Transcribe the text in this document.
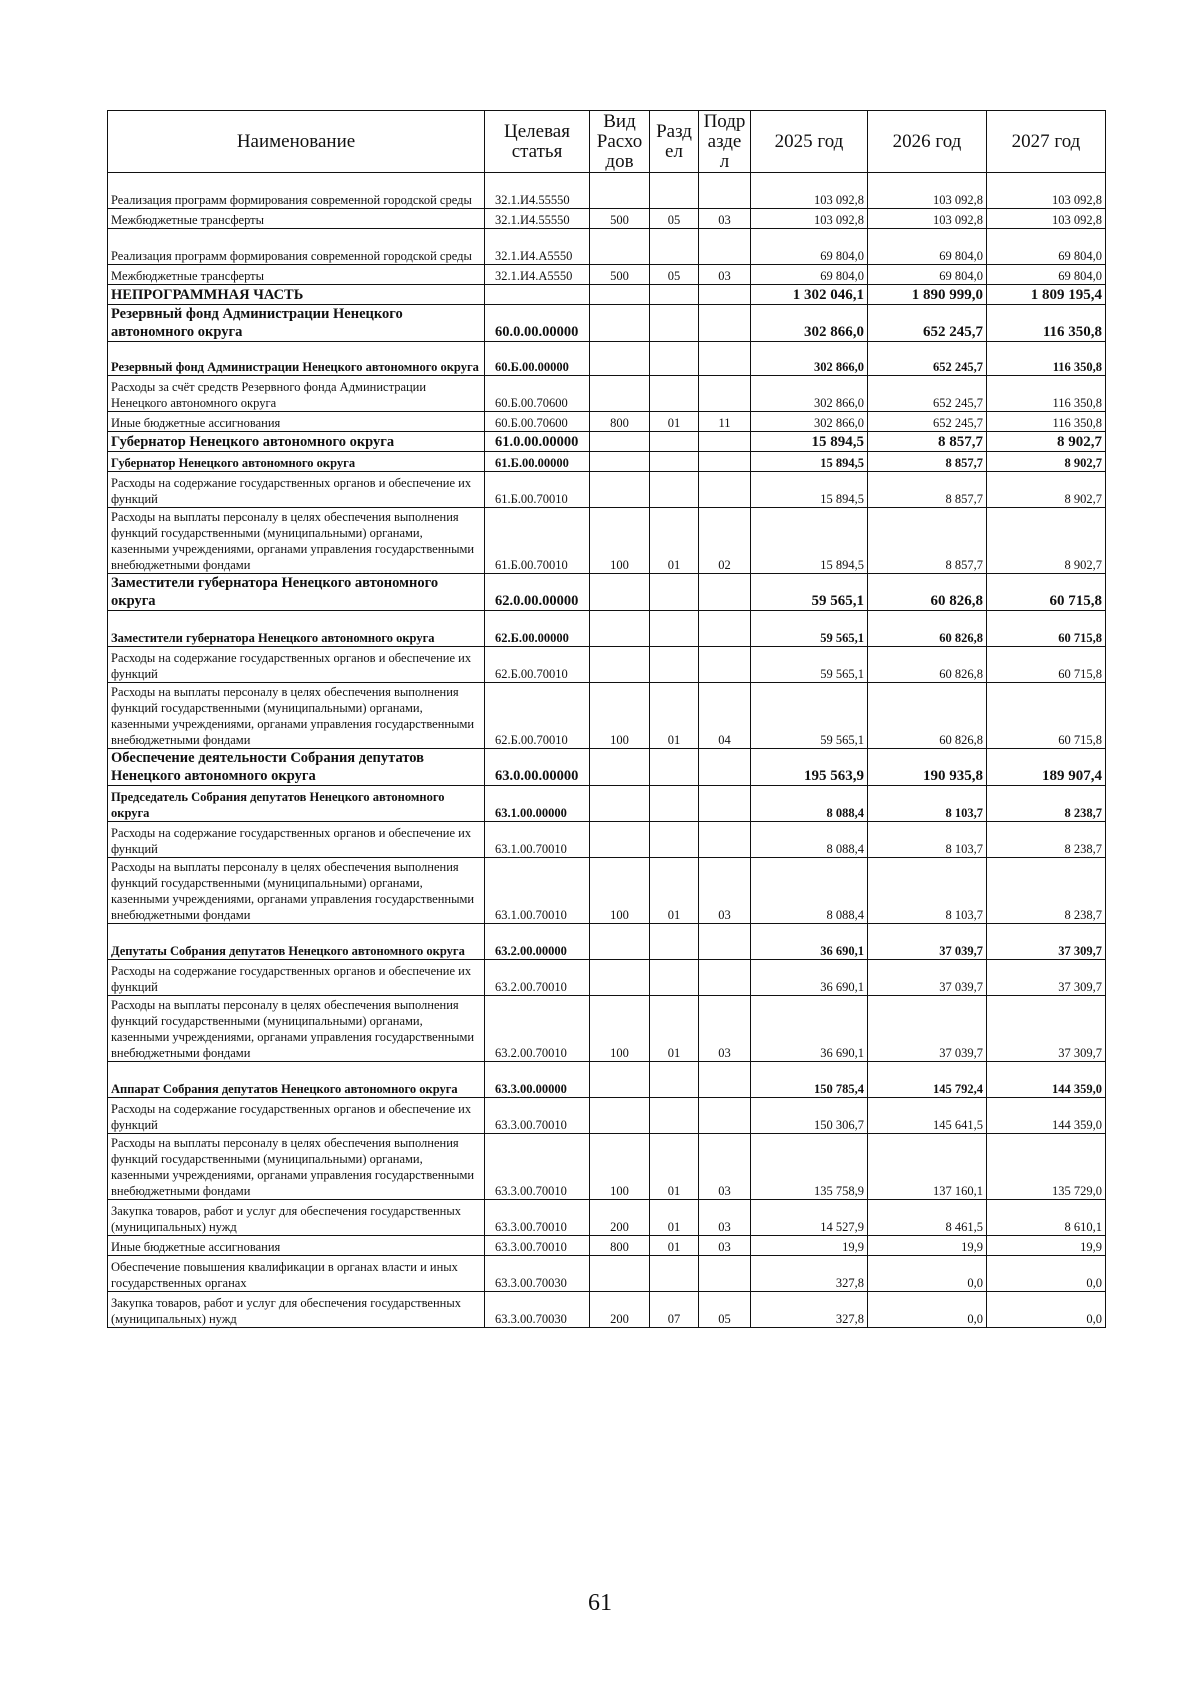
Наименование	Целевая статья	Вид Расхо дов	Разд ел	Подр азде л	2025 год	2026 год	2027 год
Реализация программ формирования современной городской среды	32.1.И4.55550				103 092,8	103 092,8	103 092,8
Межбюджетные трансферты	32.1.И4.55550	500	05	03	103 092,8	103 092,8	103 092,8
Реализация программ формирования современной городской среды	32.1.И4.А5550				69 804,0	69 804,0	69 804,0
Межбюджетные трансферты	32.1.И4.А5550	500	05	03	69 804,0	69 804,0	69 804,0
НЕПРОГРАММНАЯ ЧАСТЬ					1 302 046,1	1 890 999,0	1 809 195,4
Резервный фонд Администрации Ненецкого автономного округа	60.0.00.00000				302 866,0	652 245,7	116 350,8
Резервный фонд Администрации Ненецкого автономного округа	60.Б.00.00000				302 866,0	652 245,7	116 350,8
Расходы за счёт средств Резервного фонда Администрации Ненецкого автономного округа	60.Б.00.70600				302 866,0	652 245,7	116 350,8
Иные бюджетные ассигнования	60.Б.00.70600	800	01	11	302 866,0	652 245,7	116 350,8
Губернатор Ненецкого автономного округа	61.0.00.00000				15 894,5	8 857,7	8 902,7
Губернатор Ненецкого автономного округа	61.Б.00.00000				15 894,5	8 857,7	8 902,7
Расходы на содержание государственных органов и обеспечение их функций	61.Б.00.70010				15 894,5	8 857,7	8 902,7
Расходы на выплаты персоналу в целях обеспечения выполнения функций государственными (муниципальными) органами, казенными учреждениями, органами управления государственными внебюджетными фондами	61.Б.00.70010	100	01	02	15 894,5	8 857,7	8 902,7
Заместители губернатора Ненецкого автономного округа	62.0.00.00000				59 565,1	60 826,8	60 715,8
Заместители губернатора Ненецкого автономного округа	62.Б.00.00000				59 565,1	60 826,8	60 715,8
Расходы на содержание государственных органов и обеспечение их функций	62.Б.00.70010				59 565,1	60 826,8	60 715,8
Расходы на выплаты персоналу в целях обеспечения выполнения функций государственными (муниципальными) органами, казенными учреждениями, органами управления государственными внебюджетными фондами	62.Б.00.70010	100	01	04	59 565,1	60 826,8	60 715,8
Обеспечение деятельности Собрания депутатов Ненецкого автономного округа	63.0.00.00000				195 563,9	190 935,8	189 907,4
Председатель Собрания депутатов Ненецкого автономного округа	63.1.00.00000				8 088,4	8 103,7	8 238,7
Расходы на содержание государственных органов и обеспечение их функций	63.1.00.70010				8 088,4	8 103,7	8 238,7
Расходы на выплаты персоналу в целях обеспечения выполнения функций государственными (муниципальными) органами, казенными учреждениями, органами управления государственными внебюджетными фондами	63.1.00.70010	100	01	03	8 088,4	8 103,7	8 238,7
Депутаты Собрания депутатов Ненецкого автономного округа	63.2.00.00000				36 690,1	37 039,7	37 309,7
Расходы на содержание государственных органов и обеспечение их функций	63.2.00.70010				36 690,1	37 039,7	37 309,7
Расходы на выплаты персоналу в целях обеспечения выполнения функций государственными (муниципальными) органами, казенными учреждениями, органами управления государственными внебюджетными фондами	63.2.00.70010	100	01	03	36 690,1	37 039,7	37 309,7
Аппарат Собрания депутатов Ненецкого автономного округа	63.3.00.00000				150 785,4	145 792,4	144 359,0
Расходы на содержание государственных органов и обеспечение их функций	63.3.00.70010				150 306,7	145 641,5	144 359,0
Расходы на выплаты персоналу в целях обеспечения выполнения функций государственными (муниципальными) органами, казенными учреждениями, органами управления государственными внебюджетными фондами	63.3.00.70010	100	01	03	135 758,9	137 160,1	135 729,0
Закупка товаров, работ и услуг для обеспечения государственных (муниципальных) нужд	63.3.00.70010	200	01	03	14 527,9	8 461,5	8 610,1
Иные бюджетные ассигнования	63.3.00.70010	800	01	03	19,9	19,9	19,9
Обеспечение повышения квалификации в органах власти и иных государственных органах	63.3.00.70030				327,8	0,0	0,0
Закупка товаров, работ и услуг для обеспечения государственных (муниципальных) нужд	63.3.00.70030	200	07	05	327,8	0,0	0,0
61
